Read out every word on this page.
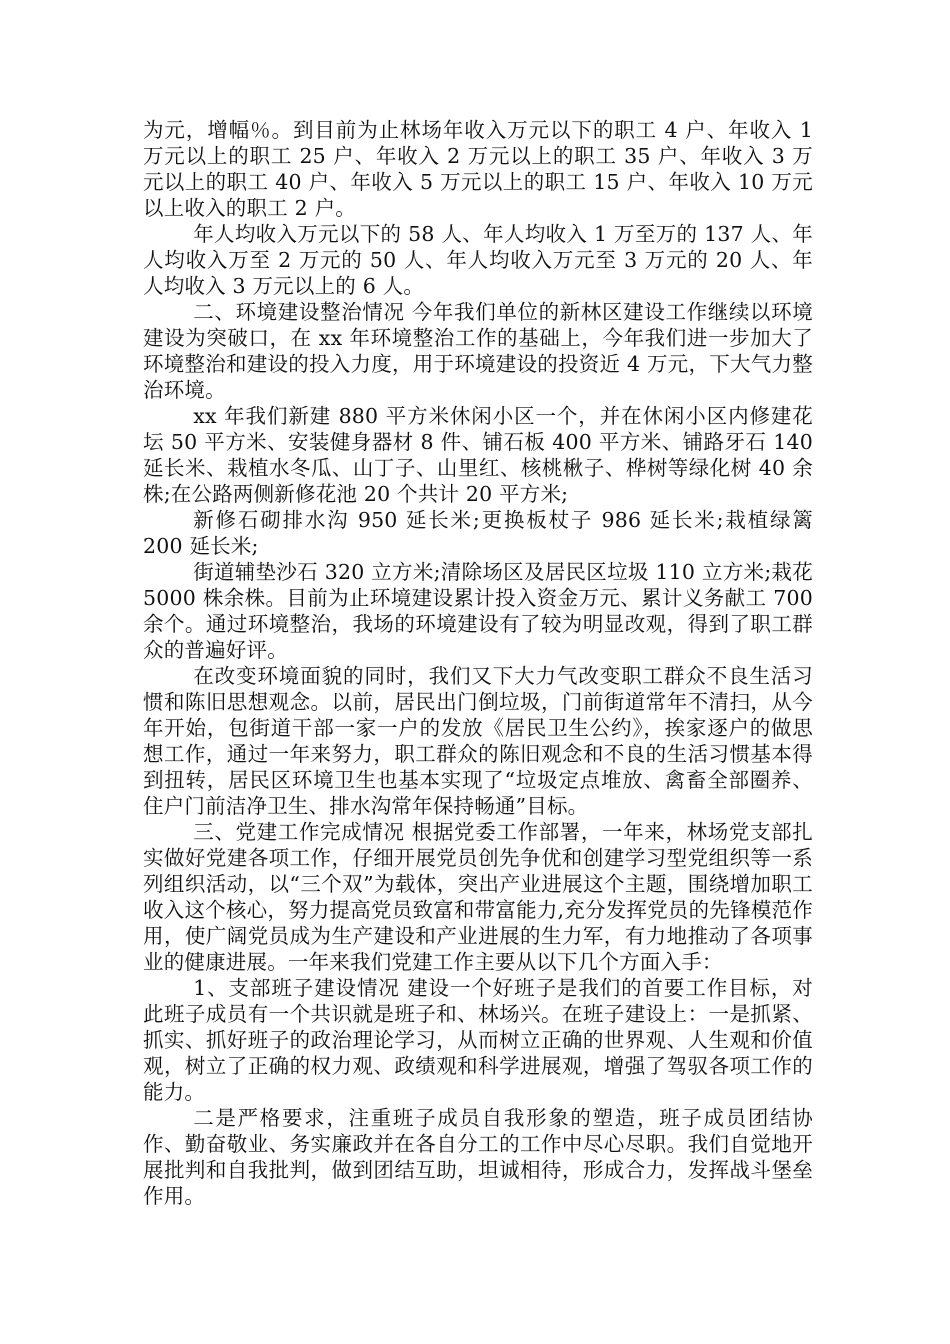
为元，增幅％。到目前为止林场年收入万元以下的职工 4 户、年收入 1 万元以上的职工 25 户、年收入 2 万元以上的职工 35 户、年收入 3 万元以上的职工 40 户、年收入 5 万元以上的职工 15 户、年收入 10 万元以上收入的职工 2 户。

年人均收入万元以下的 58 人、年人均收入 1 万至万的 137 人、年人均收入万至 2 万元的 50 人、年人均收入万元至 3 万元的 20 人、年人均收入 3 万元以上的 6 人。

二、环境建设整治情况 今年我们单位的新林区建设工作继续以环境建设为突破口，在 xx 年环境整治工作的基础上，今年我们进一步加大了环境整治和建设的投入力度，用于环境建设的投资近 4 万元，下大气力整治环境。

xx 年我们新建 880 平方米休闲小区一个，并在休闲小区内修建花坛 50 平方米、安装健身器材 8 件、铺石板 400 平方米、铺路牙石 140 延长米、栽植水冬瓜、山丁子、山里红、核桃楸子、桦树等绿化树 40 余株;在公路两侧新修花池 20 个共计 20 平方米;

新修石砌排水沟 950 延长米;更换板杖子 986 延长米;栽植绿篱 200 延长米;

街道辅垫沙石 320 立方米;清除场区及居民区垃圾 110 立方米;栽花 5000 株余株。目前为止环境建设累计投入资金万元、累计义务献工 700 余个。通过环境整治，我场的环境建设有了较为明显改观，得到了职工群众的普遍好评。

在改变环境面貌的同时，我们又下大力气改变职工群众不良生活习惯和陈旧思想观念。以前，居民出门倒垃圾，门前街道常年不清扫，从今年开始，包街道干部一家一户的发放《居民卫生公约》，挨家逐户的做思想工作，通过一年来努力，职工群众的陈旧观念和不良的生活习惯基本得到扭转，居民区环境卫生也基本实现了“垃圾定点堆放、禽畜全部圈养、住户门前洁净卫生、排水沟常年保持畅通”目标。

三、党建工作完成情况 根据党委工作部署，一年来，林场党支部扎实做好党建各项工作，仔细开展党员创先争优和创建学习型党组织等一系列组织活动，以“三个双”为载体，突出产业进展这个主题，围绕增加职工收入这个核心，努力提高党员致富和带富能力,充分发挥党员的先锋模范作用，使广阔党员成为生产建设和产业进展的生力军，有力地推动了各项事业的健康进展。一年来我们党建工作主要从以下几个方面入手：

1、支部班子建设情况 建设一个好班子是我们的首要工作目标，对此班子成员有一个共识就是班子和、林场兴。在班子建设上：一是抓紧、抓实、抓好班子的政治理论学习，从而树立正确的世界观、人生观和价值观，树立了正确的权力观、政绩观和科学进展观，增强了驾驭各项工作的能力。

二是严格要求，注重班子成员自我形象的塑造，班子成员团结协作、勤奋敬业、务实廉政并在各自分工的工作中尽心尽职。我们自觉地开展批判和自我批判，做到团结互助，坦诚相待，形成合力，发挥战斗堡垒作用。
